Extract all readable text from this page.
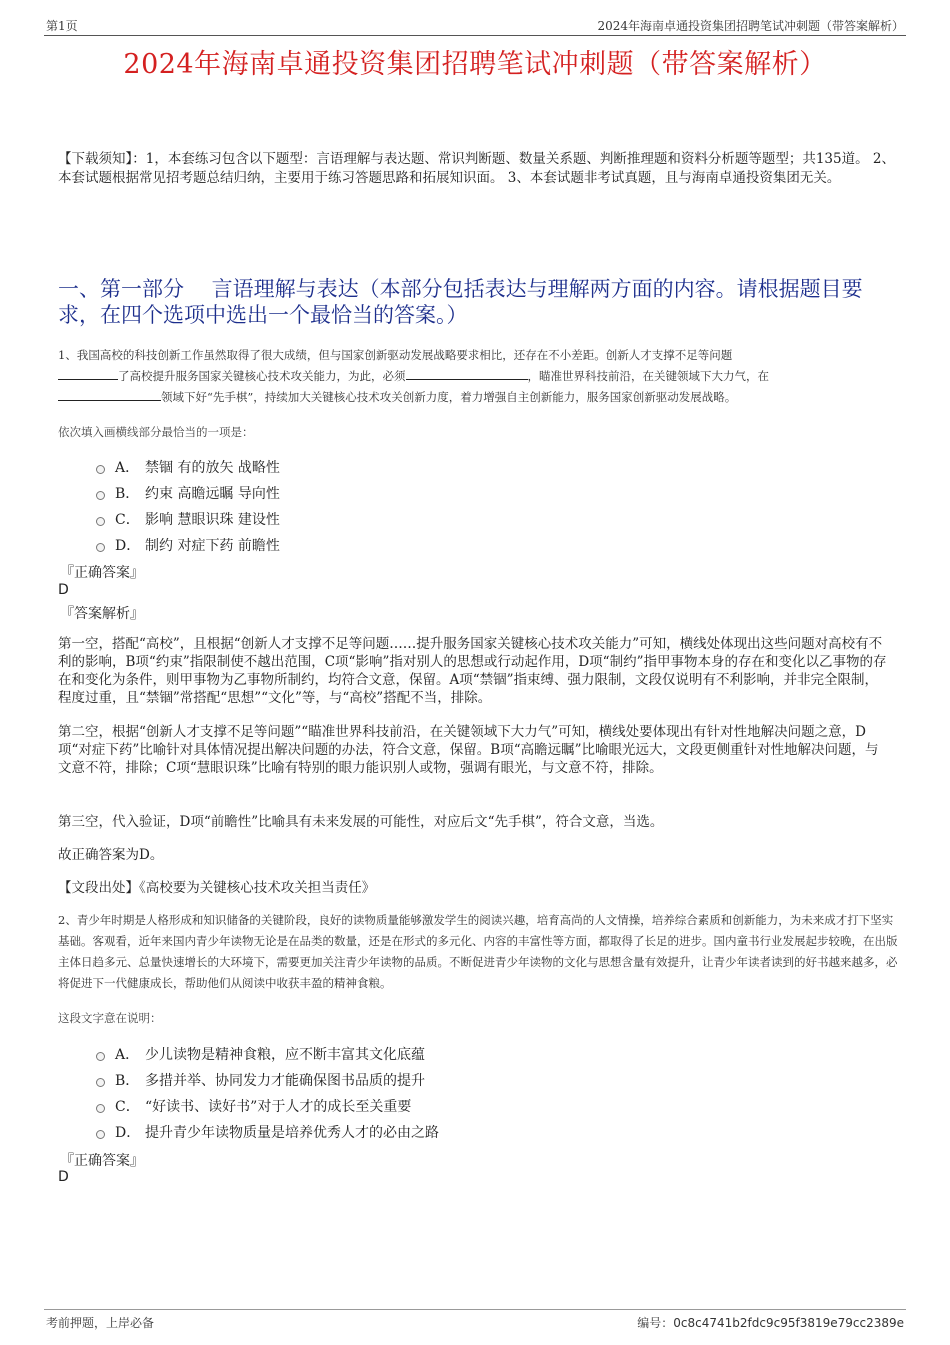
第1页	2024年海南卓通投资集团招聘笔试冲刺题（带答案解析）
2024年海南卓通投资集团招聘笔试冲刺题（带答案解析）
【下载须知】：1，本套练习包含以下题型：言语理解与表达题、常识判断题、数量关系题、判断推理题和资料分析题等题型；共135道。 2、本套试题根据常见招考题总结归纳，主要用于练习答题思路和拓展知识面。 3、本套试题非考试真题，且与海南卓通投资集团无关。
一、第一部分　 言语理解与表达（本部分包括表达与理解两方面的内容。请根据题目要求，在四个选项中选出一个最恰当的答案。）
1、我国高校的科技创新工作虽然取得了很大成绩，但与国家创新驱动发展战略要求相比，还存在不小差距。创新人才支撑不足等问题
了高校提升服务国家关键核心技术攻关能力，为此，必须	，瞄准世界科技前沿，在关键领域下大力气，在
领域下好“先手棋”，持续加大关键核心技术攻关创新力度，着力增强自主创新能力，服务国家创新驱动发展战略。
依次填入画横线部分最恰当的一项是：
A． 禁锢 有的放矢 战略性
B． 约束 高瞻远瞩 导向性
C． 影响 慧眼识珠 建设性
D． 制约 对症下药 前瞻性
『正确答案』
D
『答案解析』
第一空，搭配“高校”，且根据“创新人才支撑不足等问题……提升服务国家关键核心技术攻关能力”可知，横线处体现出这些问题对高校有不利的影响，B项“约束”指限制使不越出范围，C项“影响”指对别人的思想或行动起作用，D项“制约”指甲事物本身的存在和变化以乙事物的存在和变化为条件，则甲事物为乙事物所制约，均符合文意，保留。A项“禁锢”指束缚、强力限制，文段仅说明有不利影响，并非完全限制，程度过重，且“禁锢”常搭配“思想”“文化”等，与“高校”搭配不当，排除。
第二空，根据“创新人才支撑不足等问题”“瞄准世界科技前沿，在关键领域下大力气”可知，横线处要体现出有针对性地解决问题之意，D项“对症下药”比喻针对具体情况提出解决问题的办法，符合文意，保留。B项“高瞻远瞩”比喻眼光远大，文段更侧重针对性地解决问题，与文意不符，排除；C项“慧眼识珠”比喻有特别的眼力能识别人或物，强调有眼光，与文意不符，排除。
第三空，代入验证，D项“前瞻性”比喻具有未来发展的可能性，对应后文“先手棋”，符合文意，当选。
故正确答案为D。
【文段出处】《高校要为关键核心技术攻关担当责任》
2、青少年时期是人格形成和知识储备的关键阶段，良好的读物质量能够激发学生的阅读兴趣，培育高尚的人文情操，培养综合素质和创新能力，为未来成才打下坚实基础。客观看，近年来国内青少年读物无论是在品类的数量，还是在形式的多元化、内容的丰富性等方面，都取得了长足的进步。国内童书行业发展起步较晚，在出版主体日趋多元、总量快速增长的大环境下，需要更加关注青少年读物的品质。不断促进青少年读物的文化与思想含量有效提升，让青少年读者读到的好书越来越多，必将促进下一代健康成长，帮助他们从阅读中收获丰盈的精神食粮。
这段文字意在说明：
A． 少儿读物是精神食粮，应不断丰富其文化底蕴
B． 多措并举、协同发力才能确保图书品质的提升
C． “好读书、读好书”对于人才的成长至关重要
D． 提升青少年读物质量是培养优秀人才的必由之路
『正确答案』
D
考前押题，上岸必备	编号：0c8c4741b2fdc9c95f3819e79cc2389e
